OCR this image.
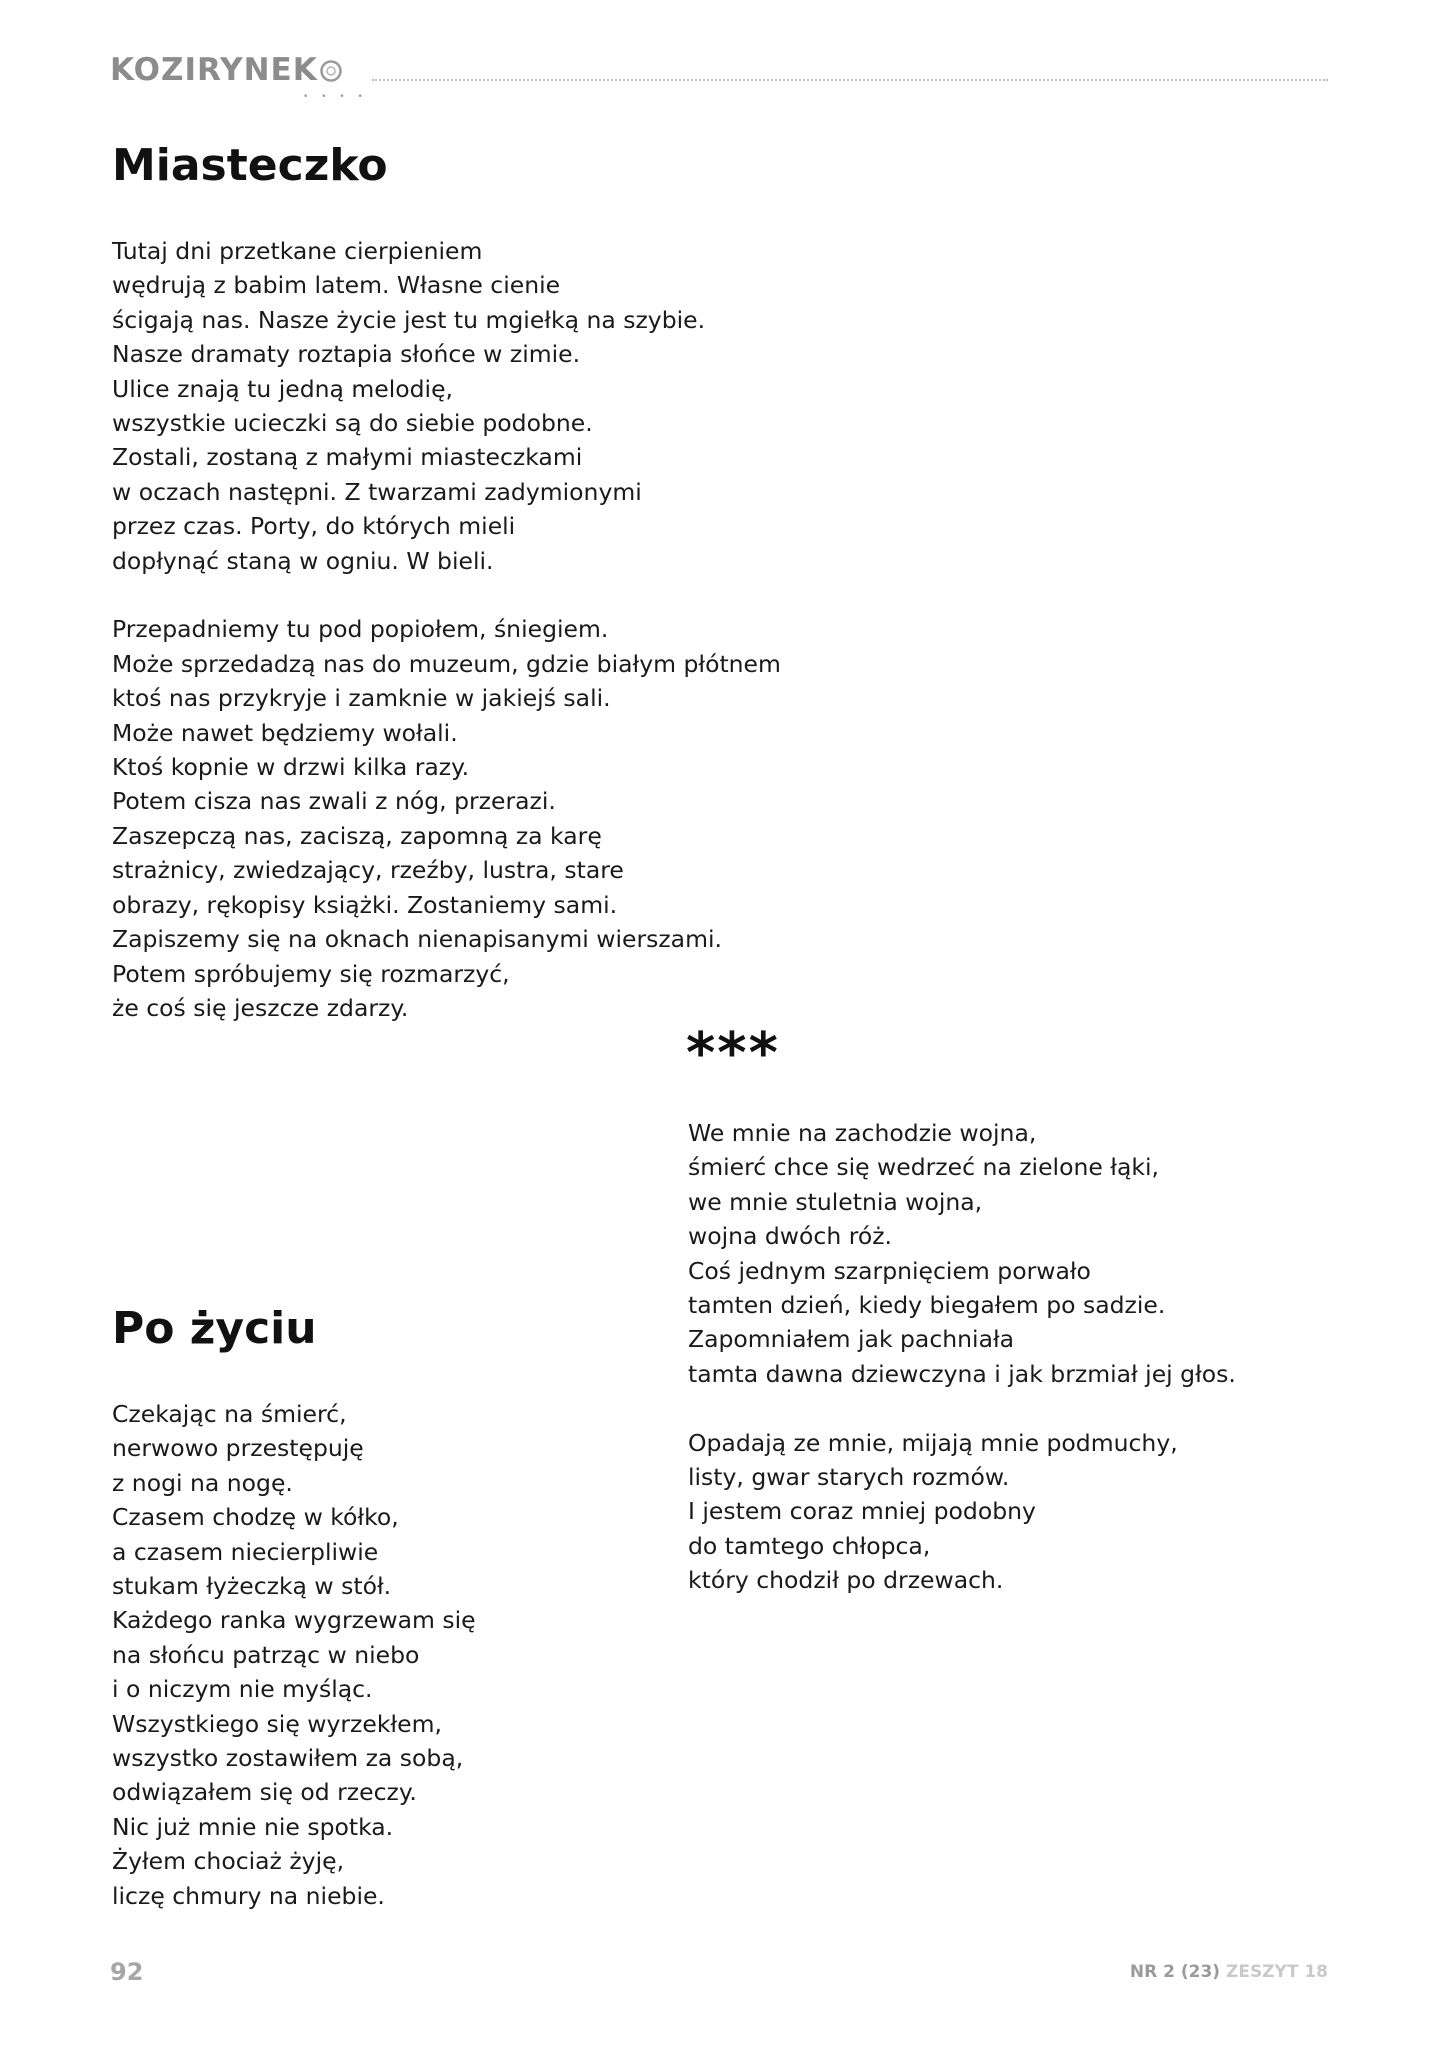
KOZIRYNEK
• • • •
Miasteczko
Tutaj dni przetkane cierpieniem
wędrują z babim latem. Własne cienie
ścigają nas. Nasze życie jest tu mgiełką na szybie.
Nasze dramaty roztapia słońce w zimie.
Ulice znają tu jedną melodię,
wszystkie ucieczki są do siebie podobne.
Zostali, zostaną z małymi miasteczkami
w oczach następni. Z twarzami zadymionymi
przez czas. Porty, do których mieli
dopłynąć staną w ogniu. W bieli.
Przepadniemy tu pod popiołem, śniegiem.
Może sprzedadzą nas do muzeum, gdzie białym płótnem
ktoś nas przykryje i zamknie w jakiejś sali.
Może nawet będziemy wołali.
Ktoś kopnie w drzwi kilka razy.
Potem cisza nas zwali z nóg, przerazi.
Zaszepczą nas, zaciszą, zapomną za karę
strażnicy, zwiedzający, rzeźby, lustra, stare
obrazy, rękopisy książki. Zostaniemy sami.
Zapiszemy się na oknach nienapisanymi wierszami.
Potem spróbujemy się rozmarzyć,
że coś się jeszcze zdarzy.
***
We mnie na zachodzie wojna,
śmierć chce się wedrzeć na zielone łąki,
we mnie stuletnia wojna,
wojna dwóch róż.
Coś jednym szarpnięciem porwało
tamten dzień, kiedy biegałem po sadzie.
Zapomniałem jak pachniała
tamta dawna dziewczyna i jak brzmiał jej głos.
Opadają ze mnie, mijają mnie podmuchy,
listy, gwar starych rozmów.
I jestem coraz mniej podobny
do tamtego chłopca,
który chodził po drzewach.
Po życiu
Czekając na śmierć,
nerwowo przestępuję
z nogi na nogę.
Czasem chodzę w kółko,
a czasem niecierpliwie
stukam łyżeczką w stół.
Każdego ranka wygrzewam się
na słońcu patrząc w niebo
i o niczym nie myśląc.
Wszystkiego się wyrzekłem,
wszystko zostawiłem za sobą,
odwiązałem się od rzeczy.
Nic już mnie nie spotka.
Żyłem chociaż żyję,
liczę chmury na niebie.
92	NR 2 (23) ZESZYT 18
